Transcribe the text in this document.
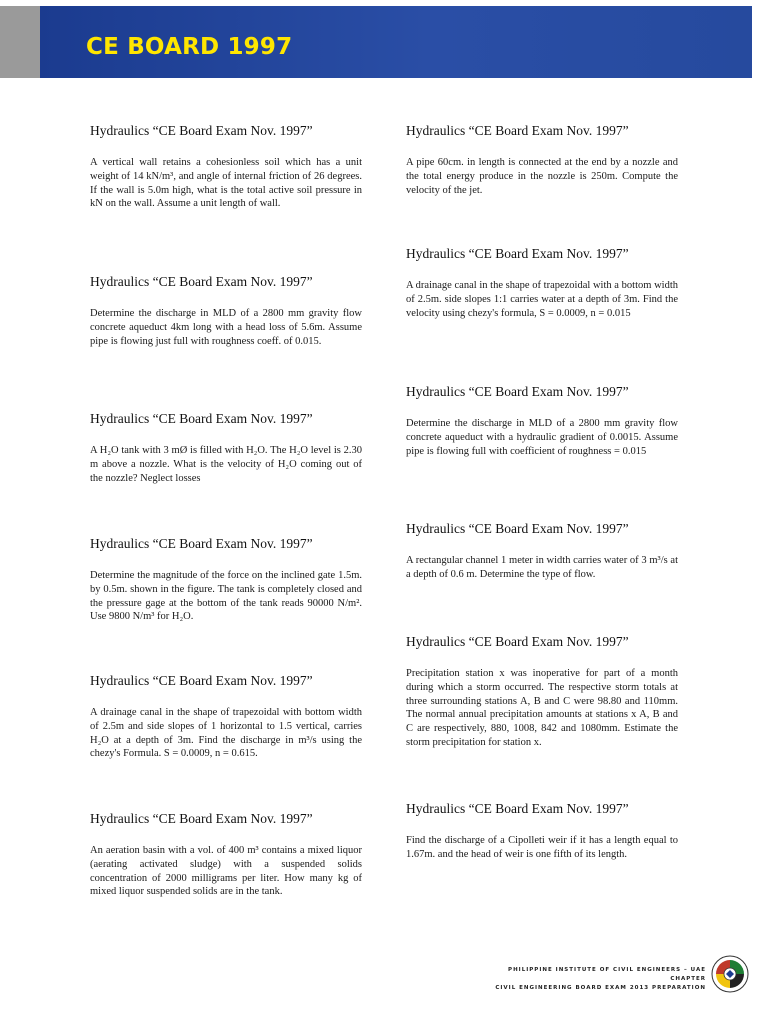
CE BOARD 1997

Hydraulics “CE Board Exam Nov. 1997”

A vertical wall retains a cohesionless soil which has a unit weight of 14 kN/m³, and angle of internal friction of 26 degrees. If the wall is 5.0m high, what is the total active soil pressure in kN on the wall. Assume a unit length of wall.

Hydraulics “CE Board Exam Nov. 1997”

Determine the discharge in MLD of a 2800 mm gravity flow concrete aqueduct 4km long with a head loss of 5.6m. Assume pipe is flowing just full with roughness coeff. of 0.015.

Hydraulics “CE Board Exam Nov. 1997”

A H₂O tank with 3 mØ is filled with H₂O. The H₂O level is 2.30 m above a nozzle. What is the velocity of H₂O coming out of the nozzle? Neglect losses

Hydraulics “CE Board Exam Nov. 1997”

Determine the magnitude of the force on the inclined gate 1.5m. by 0.5m. shown in the figure. The tank is completely closed and the pressure gage at the bottom of the tank reads 90000 N/m². Use 9800 N/m³ for H₂O.

Hydraulics “CE Board Exam Nov. 1997”

A drainage canal in the shape of trapezoidal with bottom width of 2.5m and side slopes of 1 horizontal to 1.5 vertical, carries H₂O at a depth of 3m. Find the discharge in m³/s using the chezy's Formula. S = 0.0009, n = 0.615.

Hydraulics “CE Board Exam Nov. 1997”

An aeration basin with a vol. of 400 m³ contains a mixed liquor (aerating activated sludge) with a suspended solids concentration of 2000 milligrams per liter. How many kg of mixed liquor suspended solids are in the tank.

Hydraulics “CE Board Exam Nov. 1997”

A pipe 60cm. in length is connected at the end by a nozzle and the total energy produce in the nozzle is 250m. Compute the velocity of the jet.

Hydraulics “CE Board Exam Nov. 1997”

A drainage canal in the shape of trapezoidal with a bottom width of 2.5m. side slopes 1:1 carries water at a depth of 3m. Find the velocity using chezy's formula, S = 0.0009, n = 0.015

Hydraulics “CE Board Exam Nov. 1997”

Determine the discharge in MLD of a 2800 mm gravity flow concrete aqueduct with a hydraulic gradient of 0.0015. Assume pipe is flowing full with coefficient of roughness = 0.015

Hydraulics “CE Board Exam Nov. 1997”

A rectangular channel 1 meter in width carries water of 3 m³/s at a depth of 0.6 m. Determine the type of flow.

Hydraulics “CE Board Exam Nov. 1997”

Precipitation station x was inoperative for part of a month during which a storm occurred. The respective storm totals at three surrounding stations A, B and C were 98.80 and 110mm. The normal annual precipitation amounts at stations x A, B and C are respectively, 880, 1008, 842 and 1080mm. Estimate the storm precipitation for station x.

Hydraulics “CE Board Exam Nov. 1997”

Find the discharge of a Cipolleti weir if it has a length equal to 1.67m. and the head of weir is one fifth of its length.

PHILIPPINE INSTITUTE OF CIVIL ENGINEERS – UAE CHAPTER
CIVIL ENGINEERING BOARD EXAM 2013 PREPARATION
